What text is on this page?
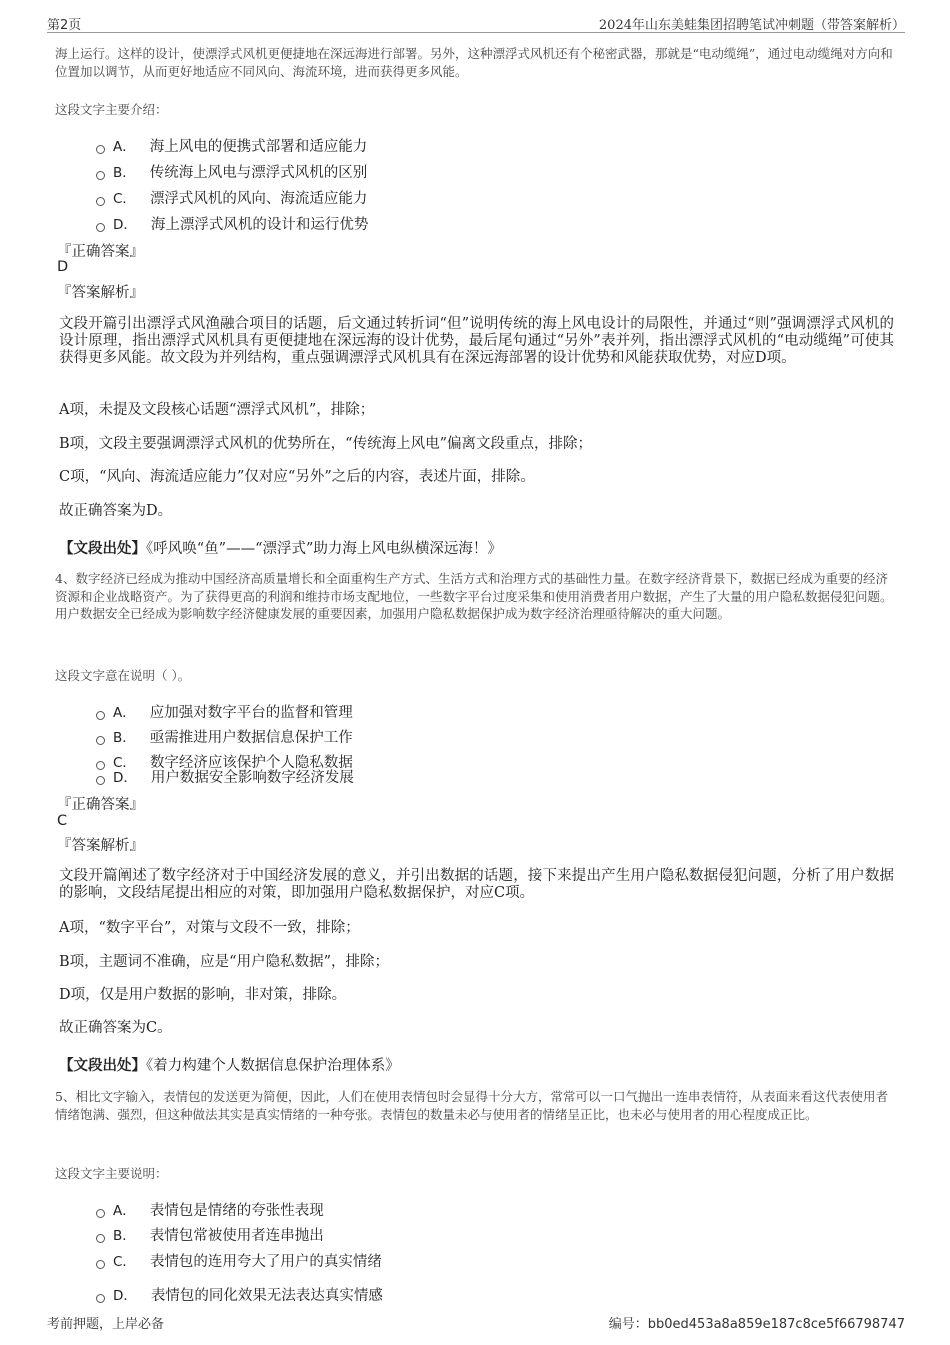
第2页	2024年山东美蛙集团招聘笔试冲刺题（带答案解析）

海上运行。这样的设计，使漂浮式风机更便捷地在深远海进行部署。另外，这种漂浮式风机还有个秘密武器，那就是“电动缆绳”，通过电动缆绳对方向和位置加以调节，从而更好地适应不同风向、海流环境，进而获得更多风能。

这段文字主要介绍：

A． 海上风电的便携式部署和适应能力
B． 传统海上风电与漂浮式风机的区别
C． 漂浮式风机的风向、海流适应能力
D． 海上漂浮式风机的设计和运行优势
『正确答案』
D
『答案解析』

文段开篇引出漂浮式风渔融合项目的话题，后文通过转折词“但”说明传统的海上风电设计的局限性，并通过“则”强调漂浮式风机的设计原理，指出漂浮式风机具有更便捷地在深远海的设计优势，最后尾句通过“另外”表并列，指出漂浮式风机的“电动缆绳”可使其获得更多风能。故文段为并列结构，重点强调漂浮式风机具有在深远海部署的设计优势和风能获取优势，对应D项。

A项，未提及文段核心话题“漂浮式风机”，排除；

B项，文段主要强调漂浮式风机的优势所在，“传统海上风电”偏离文段重点，排除；

C项，“风向、海流适应能力”仅对应“另外”之后的内容，表述片面，排除。

故正确答案为D。

【文段出处】《呼风唤“鱼”——“漂浮式”助力海上风电纵横深远海！》

4、数字经济已经成为推动中国经济高质量增长和全面重构生产方式、生活方式和治理方式的基础性力量。在数字经济背景下，数据已经成为重要的经济资源和企业战略资产。为了获得更高的利润和维持市场支配地位，一些数字平台过度采集和使用消费者用户数据，产生了大量的用户隐私数据侵犯问题。用户数据安全已经成为影响数字经济健康发展的重要因素，加强用户隐私数据保护成为数字经济治理亟待解决的重大问题。

这段文字意在说明（ ）。

A． 应加强对数字平台的监督和管理
B． 亟需推进用户数据信息保护工作
C． 数字经济应该保护个人隐私数据
D． 用户数据安全影响数字经济发展
『正确答案』
C
『答案解析』

文段开篇阐述了数字经济对于中国经济发展的意义，并引出数据的话题，接下来提出产生用户隐私数据侵犯问题，分析了用户数据的影响，文段结尾提出相应的对策，即加强用户隐私数据保护，对应C项。

A项，“数字平台”，对策与文段不一致，排除；

B项，主题词不准确，应是“用户隐私数据”，排除；

D项，仅是用户数据的影响，非对策，排除。

故正确答案为C。

【文段出处】《着力构建个人数据信息保护治理体系》

5、相比文字输入，表情包的发送更为简便，因此，人们在使用表情包时会显得十分大方，常常可以一口气抛出一连串表情符，从表面来看这代表使用者情绪饱满、强烈，但这种做法其实是真实情绪的一种夸张。表情包的数量未必与使用者的情绪呈正比，也未必与使用者的用心程度成正比。

这段文字主要说明：

A． 表情包是情绪的夸张性表现
B． 表情包常被使用者连串抛出
C． 表情包的连用夸大了用户的真实情绪
D． 表情包的同化效果无法表达真实情感
考前押题，上岸必备	编号：bb0ed453a8a859e187c8ce5f66798747
